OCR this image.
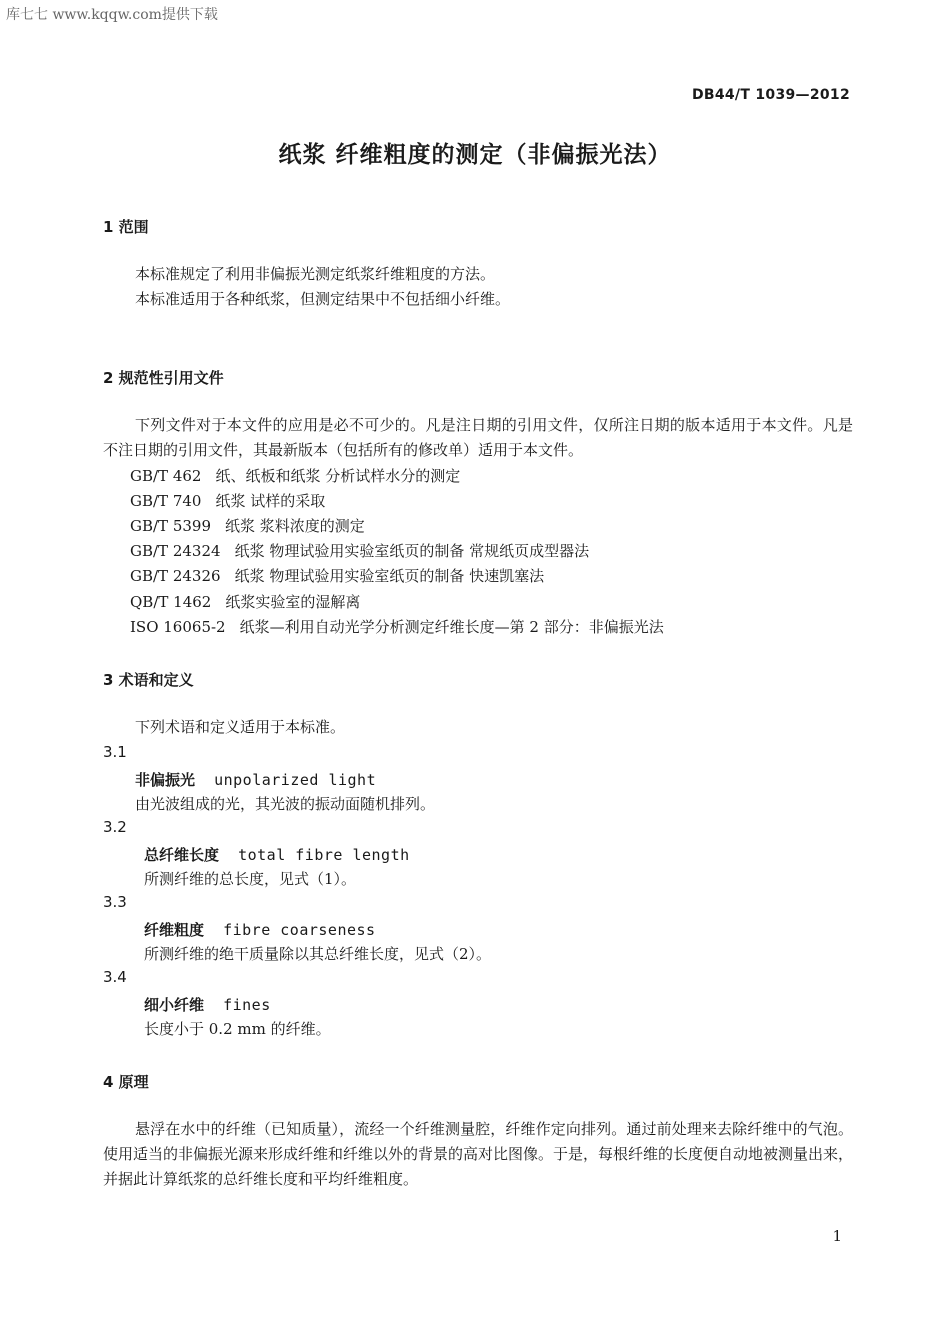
库七七 www.kqqw.com提供下载
DB44/T 1039—2012
纸浆 纤维粗度的测定（非偏振光法）
1 范围
本标准规定了利用非偏振光测定纸浆纤维粗度的方法。
本标准适用于各种纸浆，但测定结果中不包括细小纤维。
2 规范性引用文件
下列文件对于本文件的应用是必不可少的。凡是注日期的引用文件，仅所注日期的版本适用于本文件。凡是不注日期的引用文件，其最新版本（包括所有的修改单）适用于本文件。
GB/T 462 纸、纸板和纸浆 分析试样水分的测定
GB/T 740 纸浆 试样的采取
GB/T 5399 纸浆 浆料浓度的测定
GB/T 24324 纸浆 物理试验用实验室纸页的制备 常规纸页成型器法
GB/T 24326 纸浆 物理试验用实验室纸页的制备 快速凯塞法
QB/T 1462 纸浆实验室的湿解离
ISO 16065-2 纸浆—利用自动光学分析测定纤维长度—第 2 部分：非偏振光法
3 术语和定义
下列术语和定义适用于本标准。
3.1
非偏振光 unpolarized light
由光波组成的光，其光波的振动面随机排列。
3.2
总纤维长度 total fibre length
所测纤维的总长度，见式（1）。
3.3
纤维粗度 fibre coarseness
所测纤维的绝干质量除以其总纤维长度，见式（2）。
3.4
细小纤维 fines
长度小于 0.2 mm 的纤维。
4 原理
悬浮在水中的纤维（已知质量），流经一个纤维测量腔，纤维作定向排列。通过前处理来去除纤维中的气泡。使用适当的非偏振光源来形成纤维和纤维以外的背景的高对比图像。于是，每根纤维的长度便自动地被测量出来，并据此计算纸浆的总纤维长度和平均纤维粗度。
1
